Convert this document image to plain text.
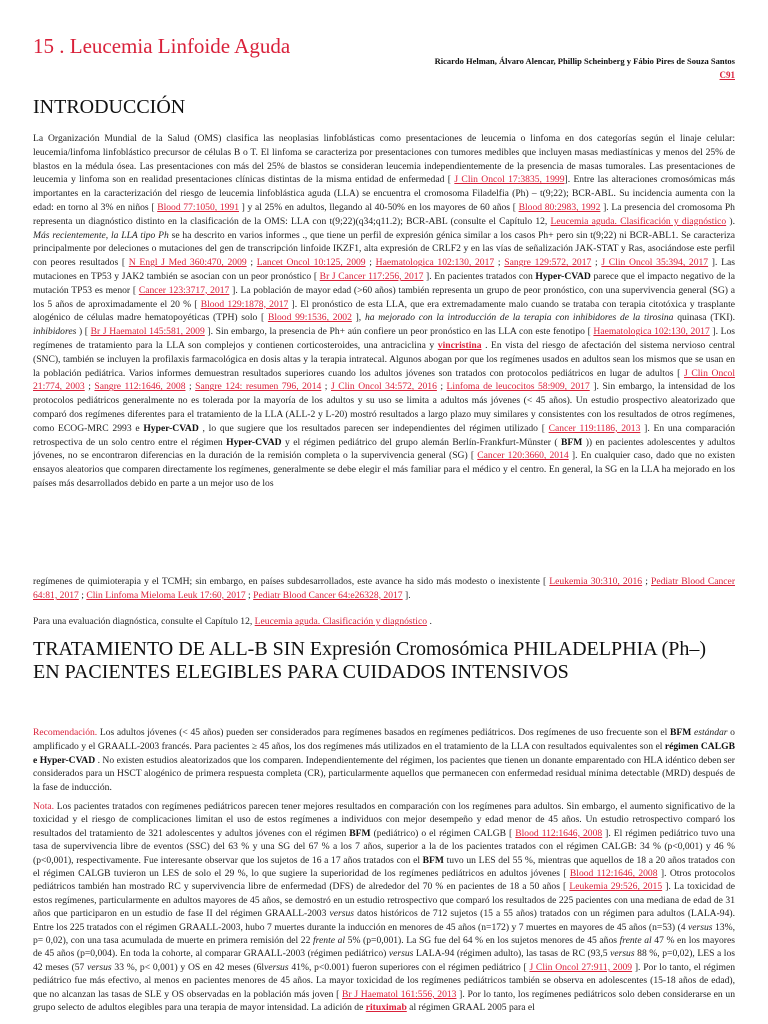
15 . Leucemia Linfoide Aguda
Ricardo Helman, Álvaro Alencar, Phillip Scheinberg y Fábio Pires de Souza Santos
C91
INTRODUCCIÓN

La Organización Mundial de la Salud (OMS) clasifica las neoplasias linfoblásticas como presentaciones de leucemia o linfoma en dos categorías según el linaje celular: leucemia/linfoma linfoblástico precursor de células B o T. El linfoma se caracteriza por presentaciones con tumores medibles que incluyen masas mediastínicas y menos del 25% de blastos en la médula ósea. Las presentaciones con más del 25% de blastos se consideran leucemia independientemente de la presencia de masas tumorales. Las presentaciones de leucemia y linfoma son en realidad presentaciones clínicas distintas de la misma entidad de enfermedad [ J Clin Oncol 17:3835, 1999]. Entre las alteraciones cromosómicas más importantes en la caracterización del riesgo de leucemia linfoblástica aguda (LLA) se encuentra el cromosoma Filadelfia (Ph) – t(9;22); BCR-ABL. Su incidencia aumenta con la edad: en torno al 3% en niños [ Blood 77:1050, 1991 ] y al 25% en adultos, llegando al 40-50% en los mayores de 60 años [ Blood 80:2983, 1992 ]. La presencia del cromosoma Ph representa un diagnóstico distinto en la clasificación de la OMS: LLA con t(9;22)(q34;q11.2); BCR-ABL (consulte el Capítulo 12, Leucemia aguda. Clasificación y diagnóstico ). Más recientemente, la LLA tipo Ph se ha descrito en varios informes ., que tiene un perfil de expresión génica similar a los casos Ph+ pero sin t(9;22) ni BCR-ABL1. Se caracteriza principalmente por deleciones o mutaciones del gen de transcripción linfoide IKZF1, alta expresión de CRLF2 y en las vías de señalización JAK-STAT y Ras, asociándose este perfil con peores resultados [ N Engl J Med 360:470, 2009 ; Lancet Oncol 10:125, 2009 ; Haematologica 102:130, 2017 ; Sangre 129:572, 2017 ; J Clin Oncol 35:394, 2017 ]. Las mutaciones en TP53 y JAK2 también se asocian con un peor pronóstico [ Br J Cancer 117:256, 2017 ]. En pacientes tratados con Hyper-CVAD parece que el impacto negativo de la mutación TP53 es menor [ Cancer 123:3717, 2017 ]. La población de mayor edad (>60 años) también representa un grupo de peor pronóstico, con una supervivencia general (SG) a los 5 años de aproximadamente el 20 % [ Blood 129:1878, 2017 ]. El pronóstico de esta LLA, que era extremadamente malo cuando se trataba con terapia citotóxica y trasplante alogénico de células madre hematopoyéticas (TPH) solo [ Blood 99:1536, 2002 ], ha mejorado con la introducción de la terapia con inhibidores de la tirosina quinasa (TKI). inhibidores ) [ Br J Haematol 145:581, 2009 ]. Sin embargo, la presencia de Ph+ aún confiere un peor pronóstico en las LLA con este fenotipo [ Haematologica 102:130, 2017 ]. Los regímenes de tratamiento para la LLA son complejos y contienen corticosteroides, una antraciclina y vincristina . En vista del riesgo de afectación del sistema nervioso central (SNC), también se incluyen la profilaxis farmacológica en dosis altas y la terapia intratecal. Algunos abogan por que los regímenes usados en adultos sean los mismos que se usan en la población pediátrica. Varios informes demuestran resultados superiores cuando los adultos jóvenes son tratados con protocolos pediátricos en lugar de adultos [ J Clin Oncol 21:774, 2003 ; Sangre 112:1646, 2008 ; Sangre 124: resumen 796, 2014 ; J Clin Oncol 34:572, 2016 ; Linfoma de leucocitos 58:909, 2017 ]. Sin embargo, la intensidad de los protocolos pediátricos generalmente no es tolerada por la mayoría de los adultos y su uso se limita a adultos más jóvenes (< 45 años). Un estudio prospectivo aleatorizado que comparó dos regímenes diferentes para el tratamiento de la LLA (ALL-2 y L-20) mostró resultados a largo plazo muy similares y consistentes con los resultados de otros regímenes, como ECOG-MRC 2993 e Hyper-CVAD , lo que sugiere que los resultados parecen ser independientes del régimen utilizado [ Cancer 119:1186, 2013 ]. En una comparación retrospectiva de un solo centro entre el régimen Hyper-CVAD y el régimen pediátrico del grupo alemán Berlín-Frankfurt-Münster ( BFM )) en pacientes adolescentes y adultos jóvenes, no se encontraron diferencias en la duración de la remisión completa o la supervivencia general (SG) [ Cancer 120:3660, 2014 ]. En cualquier caso, dado que no existen ensayos aleatorios que comparen directamente los regímenes, generalmente se debe elegir el más familiar para el médico y el centro. En general, la SG en la LLA ha mejorado en los países más desarrollados debido en parte a un mejor uso de los

regímenes de quimioterapia y el TCMH; sin embargo, en países subdesarrollados, este avance ha sido más modesto o inexistente [ Leukemia 30:310, 2016 ; Pediatr Blood Cancer 64:81, 2017 ; Clin Linfoma Mieloma Leuk 17:60, 2017 ; Pediatr Blood Cancer 64:e26328, 2017 ].

Para una evaluación diagnóstica, consulte el Capítulo 12, Leucemia aguda. Clasificación y diagnóstico .

TRATAMIENTO DE ALL-B SIN Expresión Cromosómica PHILADELPHIA (Ph–) EN PACIENTES ELEGIBLES PARA CUIDADOS INTENSIVOS

Recomendación. Los adultos jóvenes (< 45 años) pueden ser considerados para regímenes basados en regímenes pediátricos. Dos regímenes de uso frecuente son el BFM estándar o amplificado y el GRAALL-2003 francés. Para pacientes ≥ 45 años, los dos regímenes más utilizados en el tratamiento de la LLA con resultados equivalentes son el régimen CALGB e Hyper-CVAD . No existen estudios aleatorizados que los comparen. Independientemente del régimen, los pacientes que tienen un donante emparentado con HLA idéntico deben ser considerados para un HSCT alogénico de primera respuesta completa (CR), particularmente aquellos que permanecen con enfermedad residual mínima detectable (MRD) después de la fase de inducción.

Nota. Los pacientes tratados con regímenes pediátricos parecen tener mejores resultados en comparación con los regímenes para adultos. Sin embargo, el aumento significativo de la toxicidad y el riesgo de complicaciones limitan el uso de estos regímenes a individuos con mejor desempeño y edad menor de 45 años. Un estudio retrospectivo comparó los resultados del tratamiento de 321 adolescentes y adultos jóvenes con el régimen BFM (pediátrico) o el régimen CALGB [ Blood 112:1646, 2008 ]. El régimen pediátrico tuvo una tasa de supervivencia libre de eventos (SSC) del 63 % y una SG del 67 % a los 7 años, superior a la de los pacientes tratados con el régimen CALGB: 34 % (p<0,001) y 46 % (p<0,001), respectivamente. Fue interesante observar que los sujetos de 16 a 17 años tratados con el BFM tuvo un LES del 55 %, mientras que aquellos de 18 a 20 años tratados con el régimen CALGB tuvieron un LES de solo el 29 %, lo que sugiere la superioridad de los regímenes pediátricos en adultos jóvenes [ Blood 112:1646, 2008 ]. Otros protocolos pediátricos también han mostrado RC y supervivencia libre de enfermedad (DFS) de alrededor del 70 % en pacientes de 18 a 50 años [ Leukemia 29:526, 2015 ]. La toxicidad de estos regímenes, particularmente en adultos mayores de 45 años, se demostró en un estudio retrospectivo que comparó los resultados de 225 pacientes con una mediana de edad de 31 años que participaron en un estudio de fase II del régimen GRAALL-2003 versus datos históricos de 712 sujetos (15 a 55 años) tratados con un régimen para adultos (LALA-94). Entre los 225 tratados con el régimen GRAALL-2003, hubo 7 muertes durante la inducción en menores de 45 años (n=172) y 7 muertes en mayores de 45 años (n=53) (4 versus 13%, p= 0,02), con una tasa acumulada de muerte en primera remisión del 22 frente al 5% (p=0,001). La SG fue del 64 % en los sujetos menores de 45 años frente al 47 % en los mayores de 45 años (p=0,004). En toda la cohorte, al comparar GRAALL-2003 (régimen pediátrico) versus LALA-94 (régimen adulto), las tasas de RC (93,5 versus 88 %, p=0,02), LES a los 42 meses (57 versus 33 %, p< 0,001) y OS en 42 meses (6lversus 41%, p<0.001) fueron superiores con el régimen pediátrico [ J Clin Oncol 27:911, 2009 ]. Por lo tanto, el régimen pediátrico fue más efectivo, al menos en pacientes menores de 45 años. La mayor toxicidad de los regímenes pediátricos también se observa en adolescentes (15-18 años de edad), que no alcanzan las tasas de SLE y OS observadas en la población más joven [ Br J Haematol 161:556, 2013 ]. Por lo tanto, los regímenes pediátricos solo deben considerarse en un grupo selecto de adultos elegibles para una terapia de mayor intensidad. La adición de rituximab al régimen GRAAL 2005 para el
